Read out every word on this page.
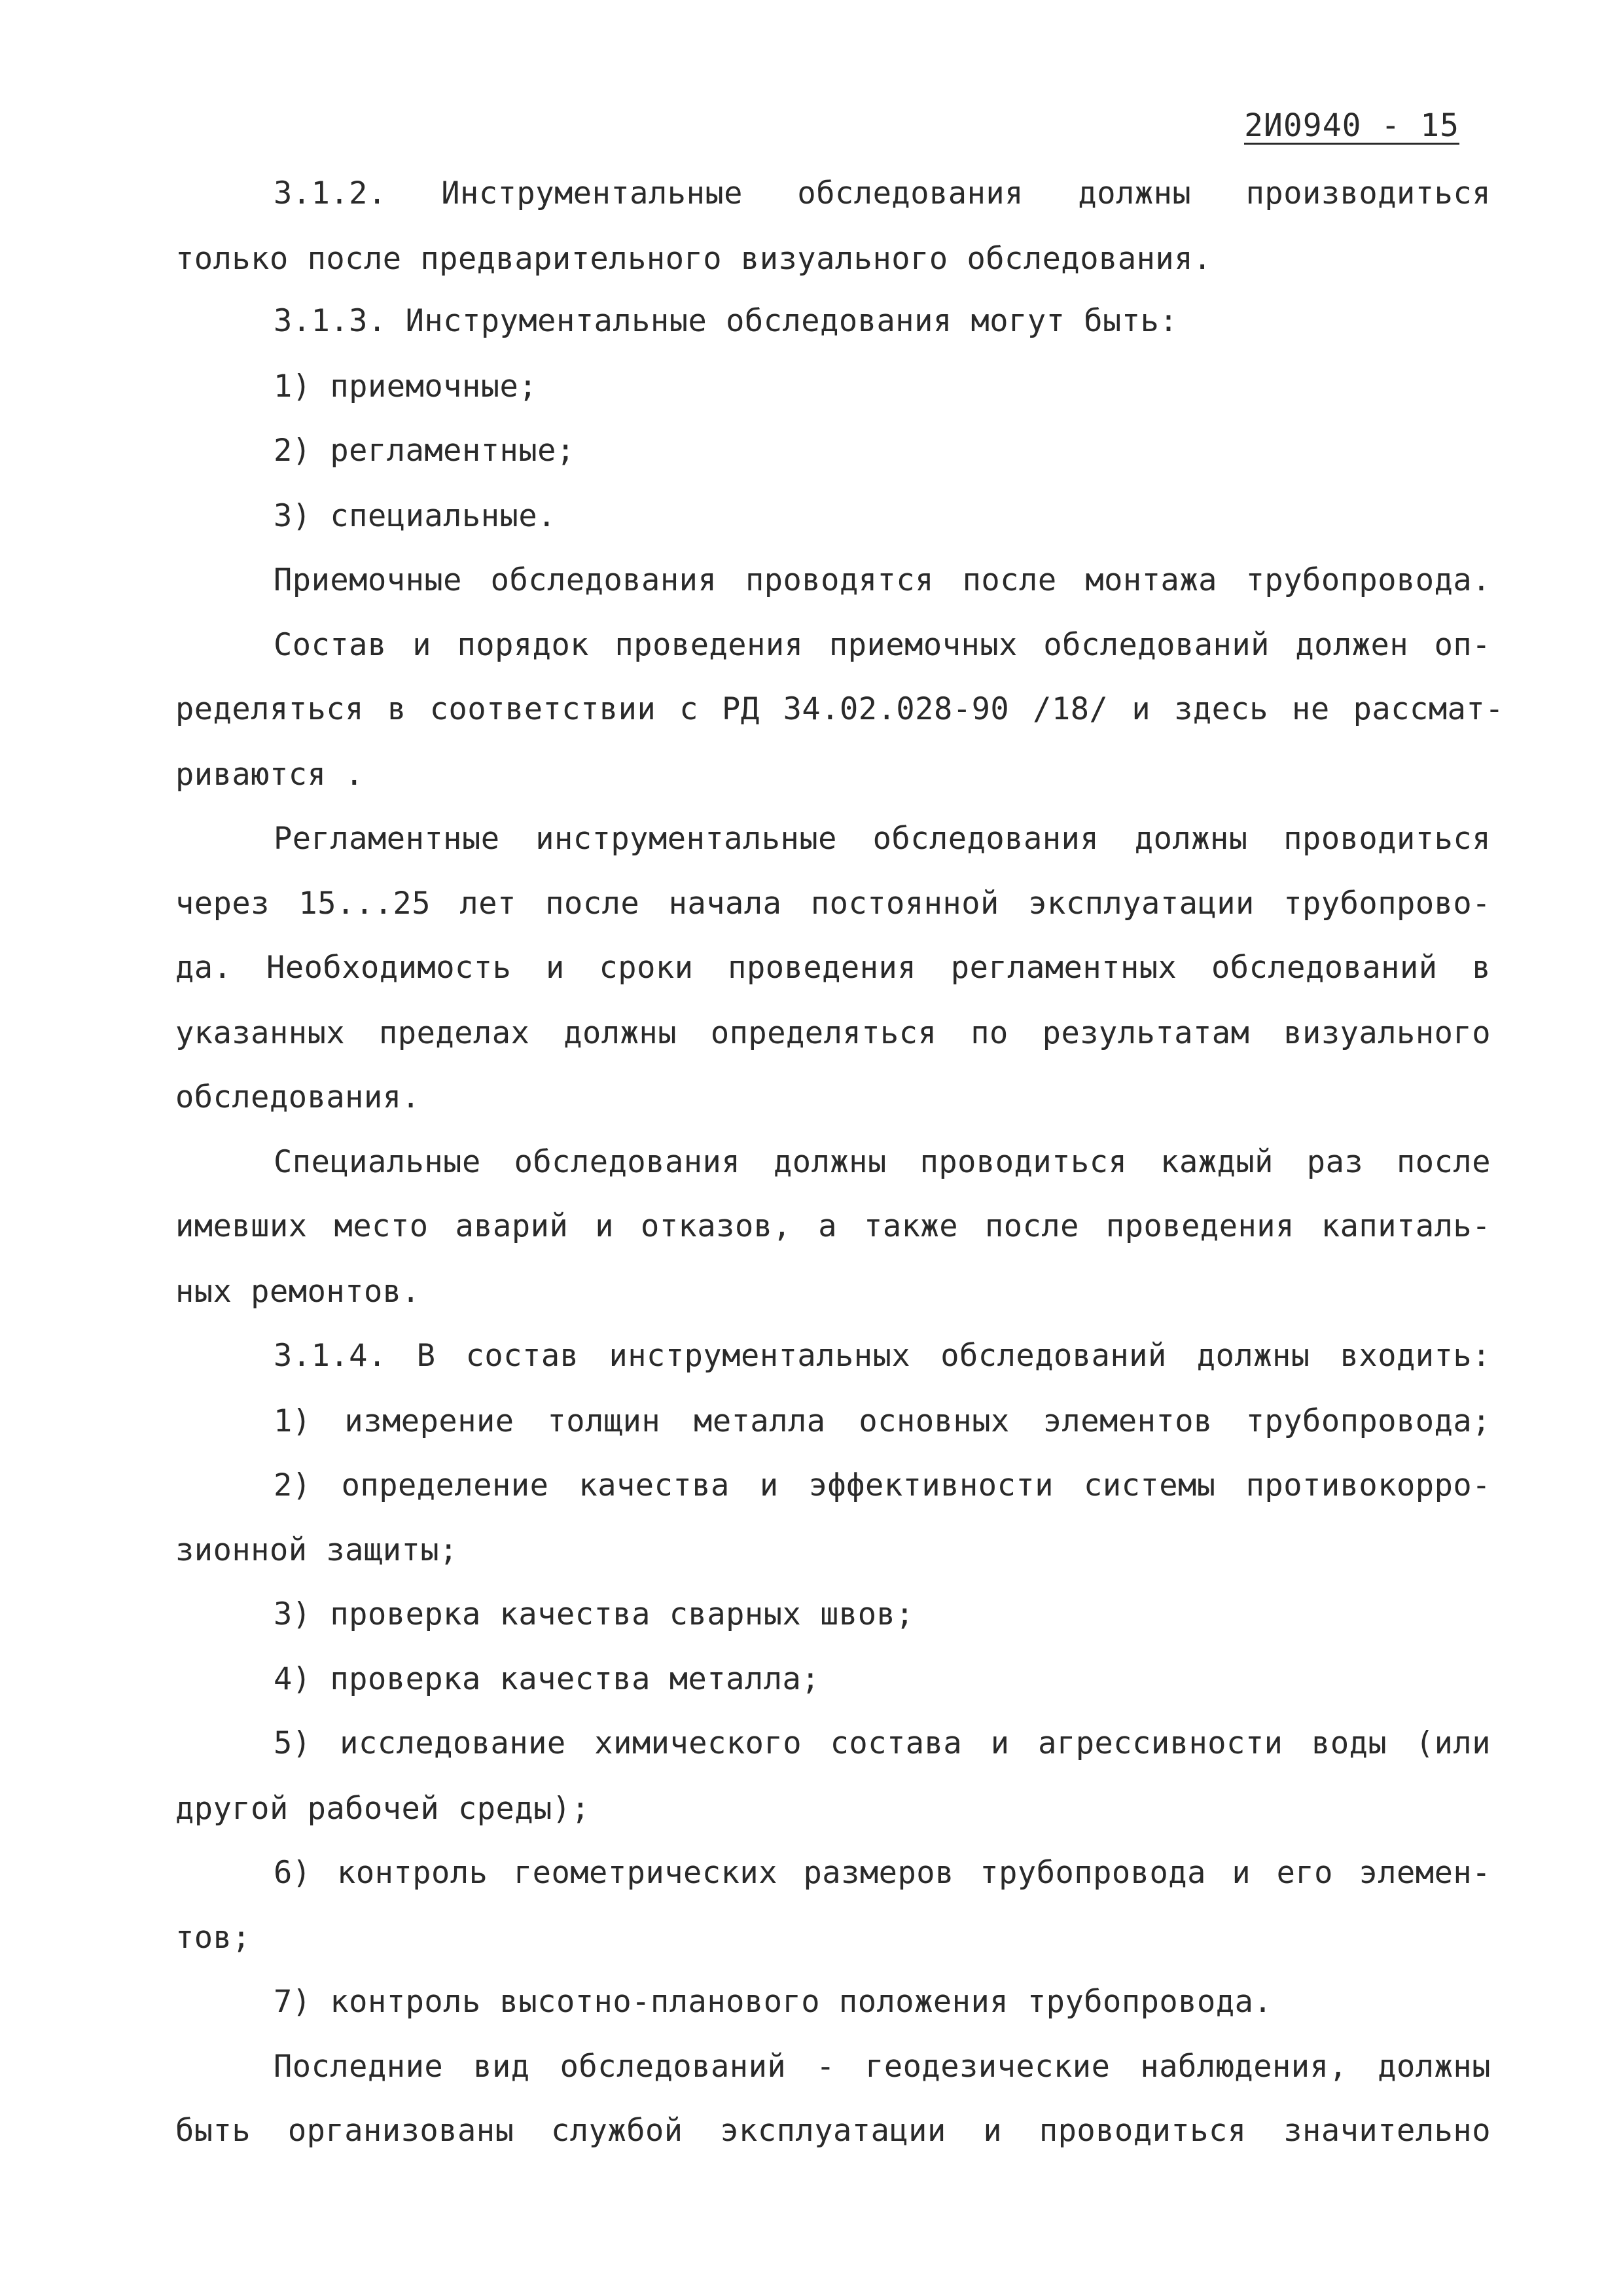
2И0940 - 15
3.1.2. Инструментальные обследования должны производиться
только после предварительного визуального обследования.
3.1.3. Инструментальные обследования могут быть:
1) приемочные;
2) регламентные;
3) специальные.
Приемочные обследования проводятся после монтажа трубопровода.
Состав и порядок проведения приемочных обследований должен оп-
ределяться в соответствии с РД 34.02.028-90 /18/ и здесь не рассмат-
риваются .
Регламентные инструментальные обследования должны проводиться
через 15...25 лет после начала постоянной эксплуатации трубопрово-
да. Необходимость и сроки проведения регламентных обследований в
указанных пределах должны определяться по результатам визуального
обследования.
Специальные обследования должны проводиться каждый раз после
имевших место аварий и отказов, а также после проведения капиталь-
ных ремонтов.
3.1.4. В состав инструментальных обследований должны входить:
1) измерение толщин металла основных элементов трубопровода;
2) определение качества и эффективности системы противокорро-
зионной защиты;
3) проверка качества сварных швов;
4) проверка качества металла;
5) исследование химического состава и агрессивности воды (или
другой рабочей среды);
6) контроль геометрических размеров трубопровода и его элемен-
тов;
7) контроль высотно-планового положения трубопровода.
Последние вид обследований - геодезические наблюдения, должны
быть организованы службой эксплуатации и проводиться значительно
